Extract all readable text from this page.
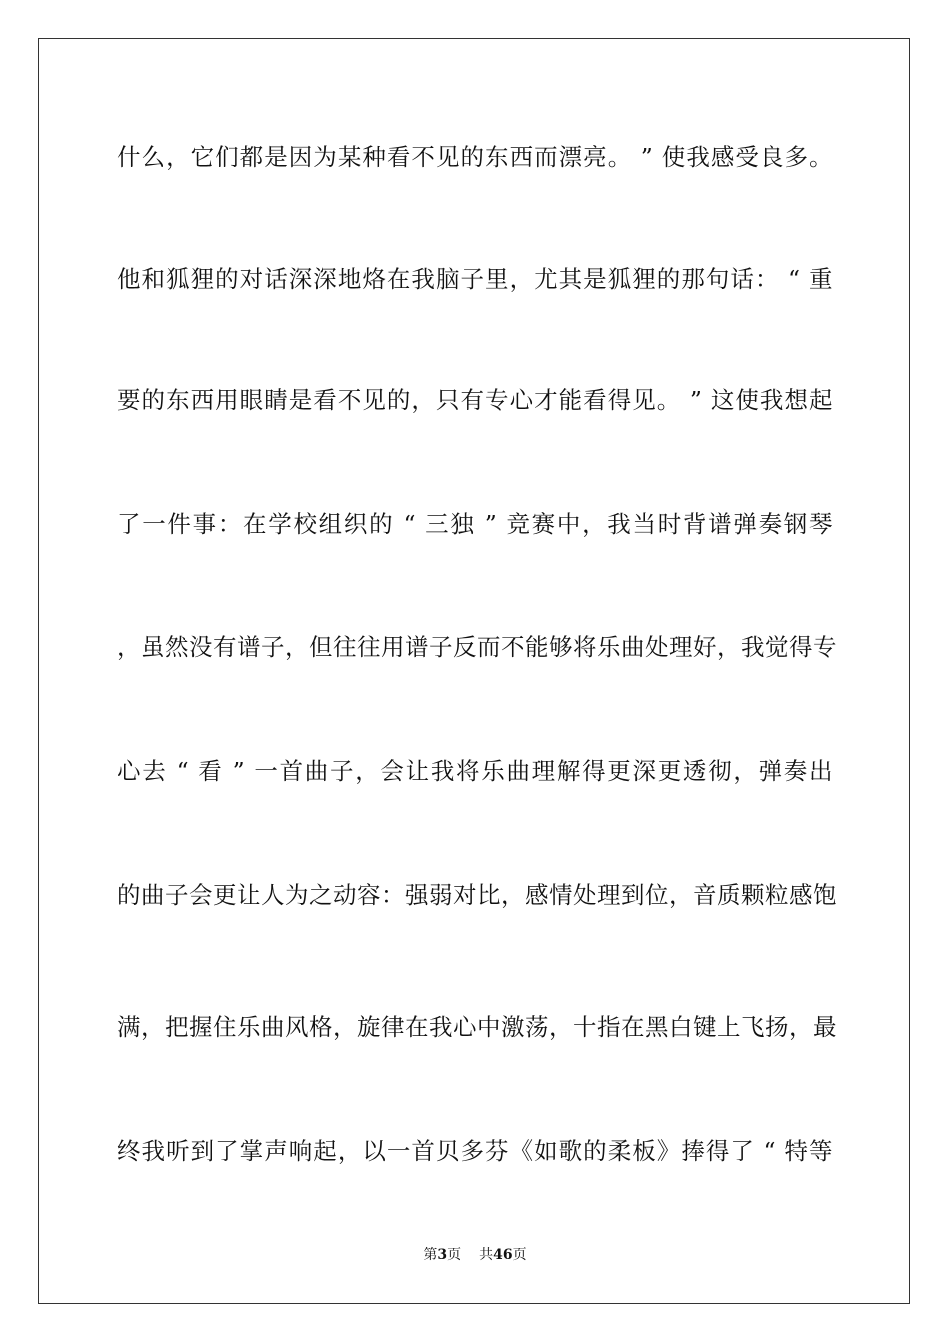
什么，它们都是因为某种看不见的东西而漂亮。 ” 使我感受良多。
他和狐狸的对话深深地烙在我脑子里，尤其是狐狸的那句话： “ 重
要的东西用眼睛是看不见的，只有专心才能看得见。 ” 这使我想起
了一件事：在学校组织的 “ 三独 ” 竞赛中，我当时背谱弹奏钢琴
，虽然没有谱子，但往往用谱子反而不能够将乐曲处理好，我觉得专
心去 “ 看 ” 一首曲子，会让我将乐曲理解得更深更透彻，弹奏出
的曲子会更让人为之动容：强弱对比，感情处理到位，音质颗粒感饱
满，把握住乐曲风格，旋律在我心中激荡，十指在黑白键上飞扬，最
终我听到了掌声响起，以一首贝多芬《如歌的柔板》捧得了 “ 特等
第3页 共46页
